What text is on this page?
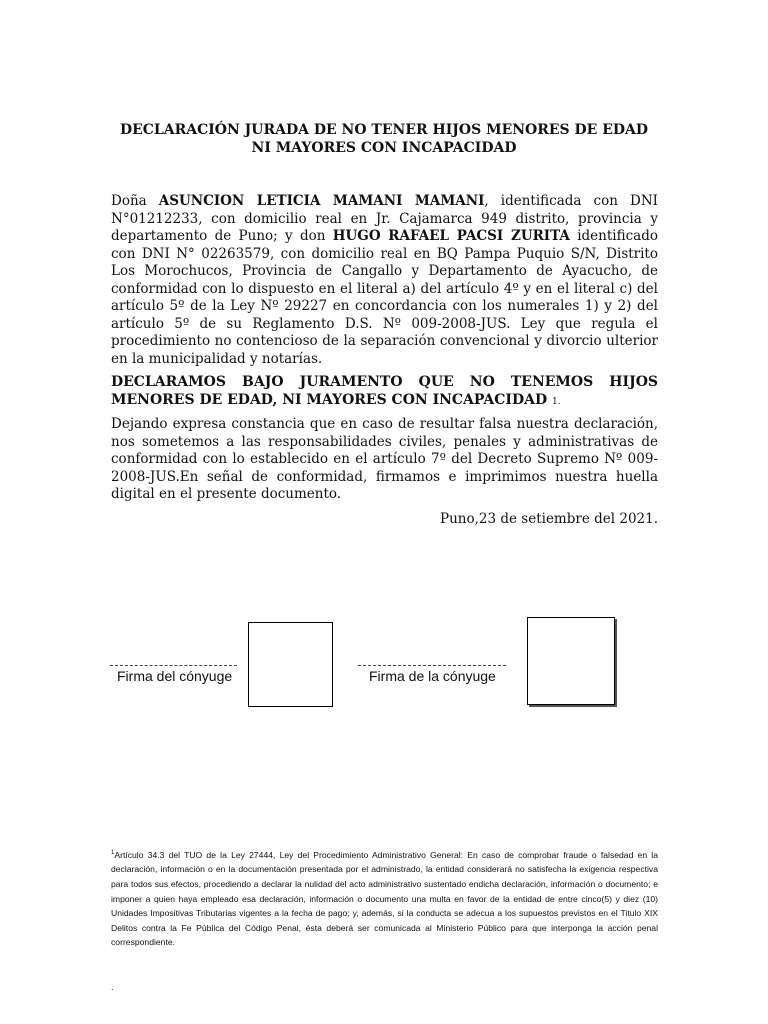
DECLARACIÓN JURADA DE NO TENER HIJOS MENORES DE EDAD
NI MAYORES CON INCAPACIDAD
Doña ASUNCION LETICIA MAMANI MAMANI, identificada con DNI N°01212233, con domicilio real en Jr. Cajamarca 949 distrito, provincia y departamento de Puno; y don HUGO RAFAEL PACSI ZURITA identificado con DNI N° 02263579, con domicilio real en BQ Pampa Puquio S/N, Distrito Los Morochucos, Provincia de Cangallo y Departamento de Ayacucho, de conformidad con lo dispuesto en el literal a) del artículo 4º y en el literal c) del artículo 5º de la Ley Nº 29227 en concordancia con los numerales 1) y 2) del artículo 5º de su Reglamento D.S. Nº 009-2008-JUS. Ley que regula el procedimiento no contencioso de la separación convencional y divorcio ulterior en la municipalidad y notarías.
DECLARAMOS BAJO JURAMENTO QUE NO TENEMOS HIJOS MENORES DE EDAD, NI MAYORES CON INCAPACIDAD 1.
Dejando expresa constancia que en caso de resultar falsa nuestra declaración, nos sometemos a las responsabilidades civiles, penales y administrativas de conformidad con lo establecido en el artículo 7º del Decreto Supremo Nº 009-2008-JUS.En señal de conformidad, firmamos e imprimimos nuestra huella digital en el presente documento.
Puno,23 de setiembre del 2021.
Firma del cónyuge	Firma de la cónyuge
$^1$Artículo 34.3 del TUO de la Ley 27444, Ley del Procedimiento Administrativo General: En caso de comprobar fraude o falsedad en la declaración, información o en la documentación presentada por el administrado, la entidad considerará no satisfecha la exigencia respectiva para todos sus efectos, procediendo a declarar la nulidad del acto administrativo sustentado endicha declaración, información o documento; e imponer a quien haya empleado esa declaración, información o documento una multa en favor de la entidad de entre cinco(5) y diez (10) Unidades Impositivas Tributarias vigentes a la fecha de pago; y, además, si la conducta se adecua a los supuestos previstos en el Titulo XIX Delitos contra la Fe Pública del Código Penal, ésta deberá ser comunicada al Ministerio Público para que interponga la acción penal correspondiente.
.
